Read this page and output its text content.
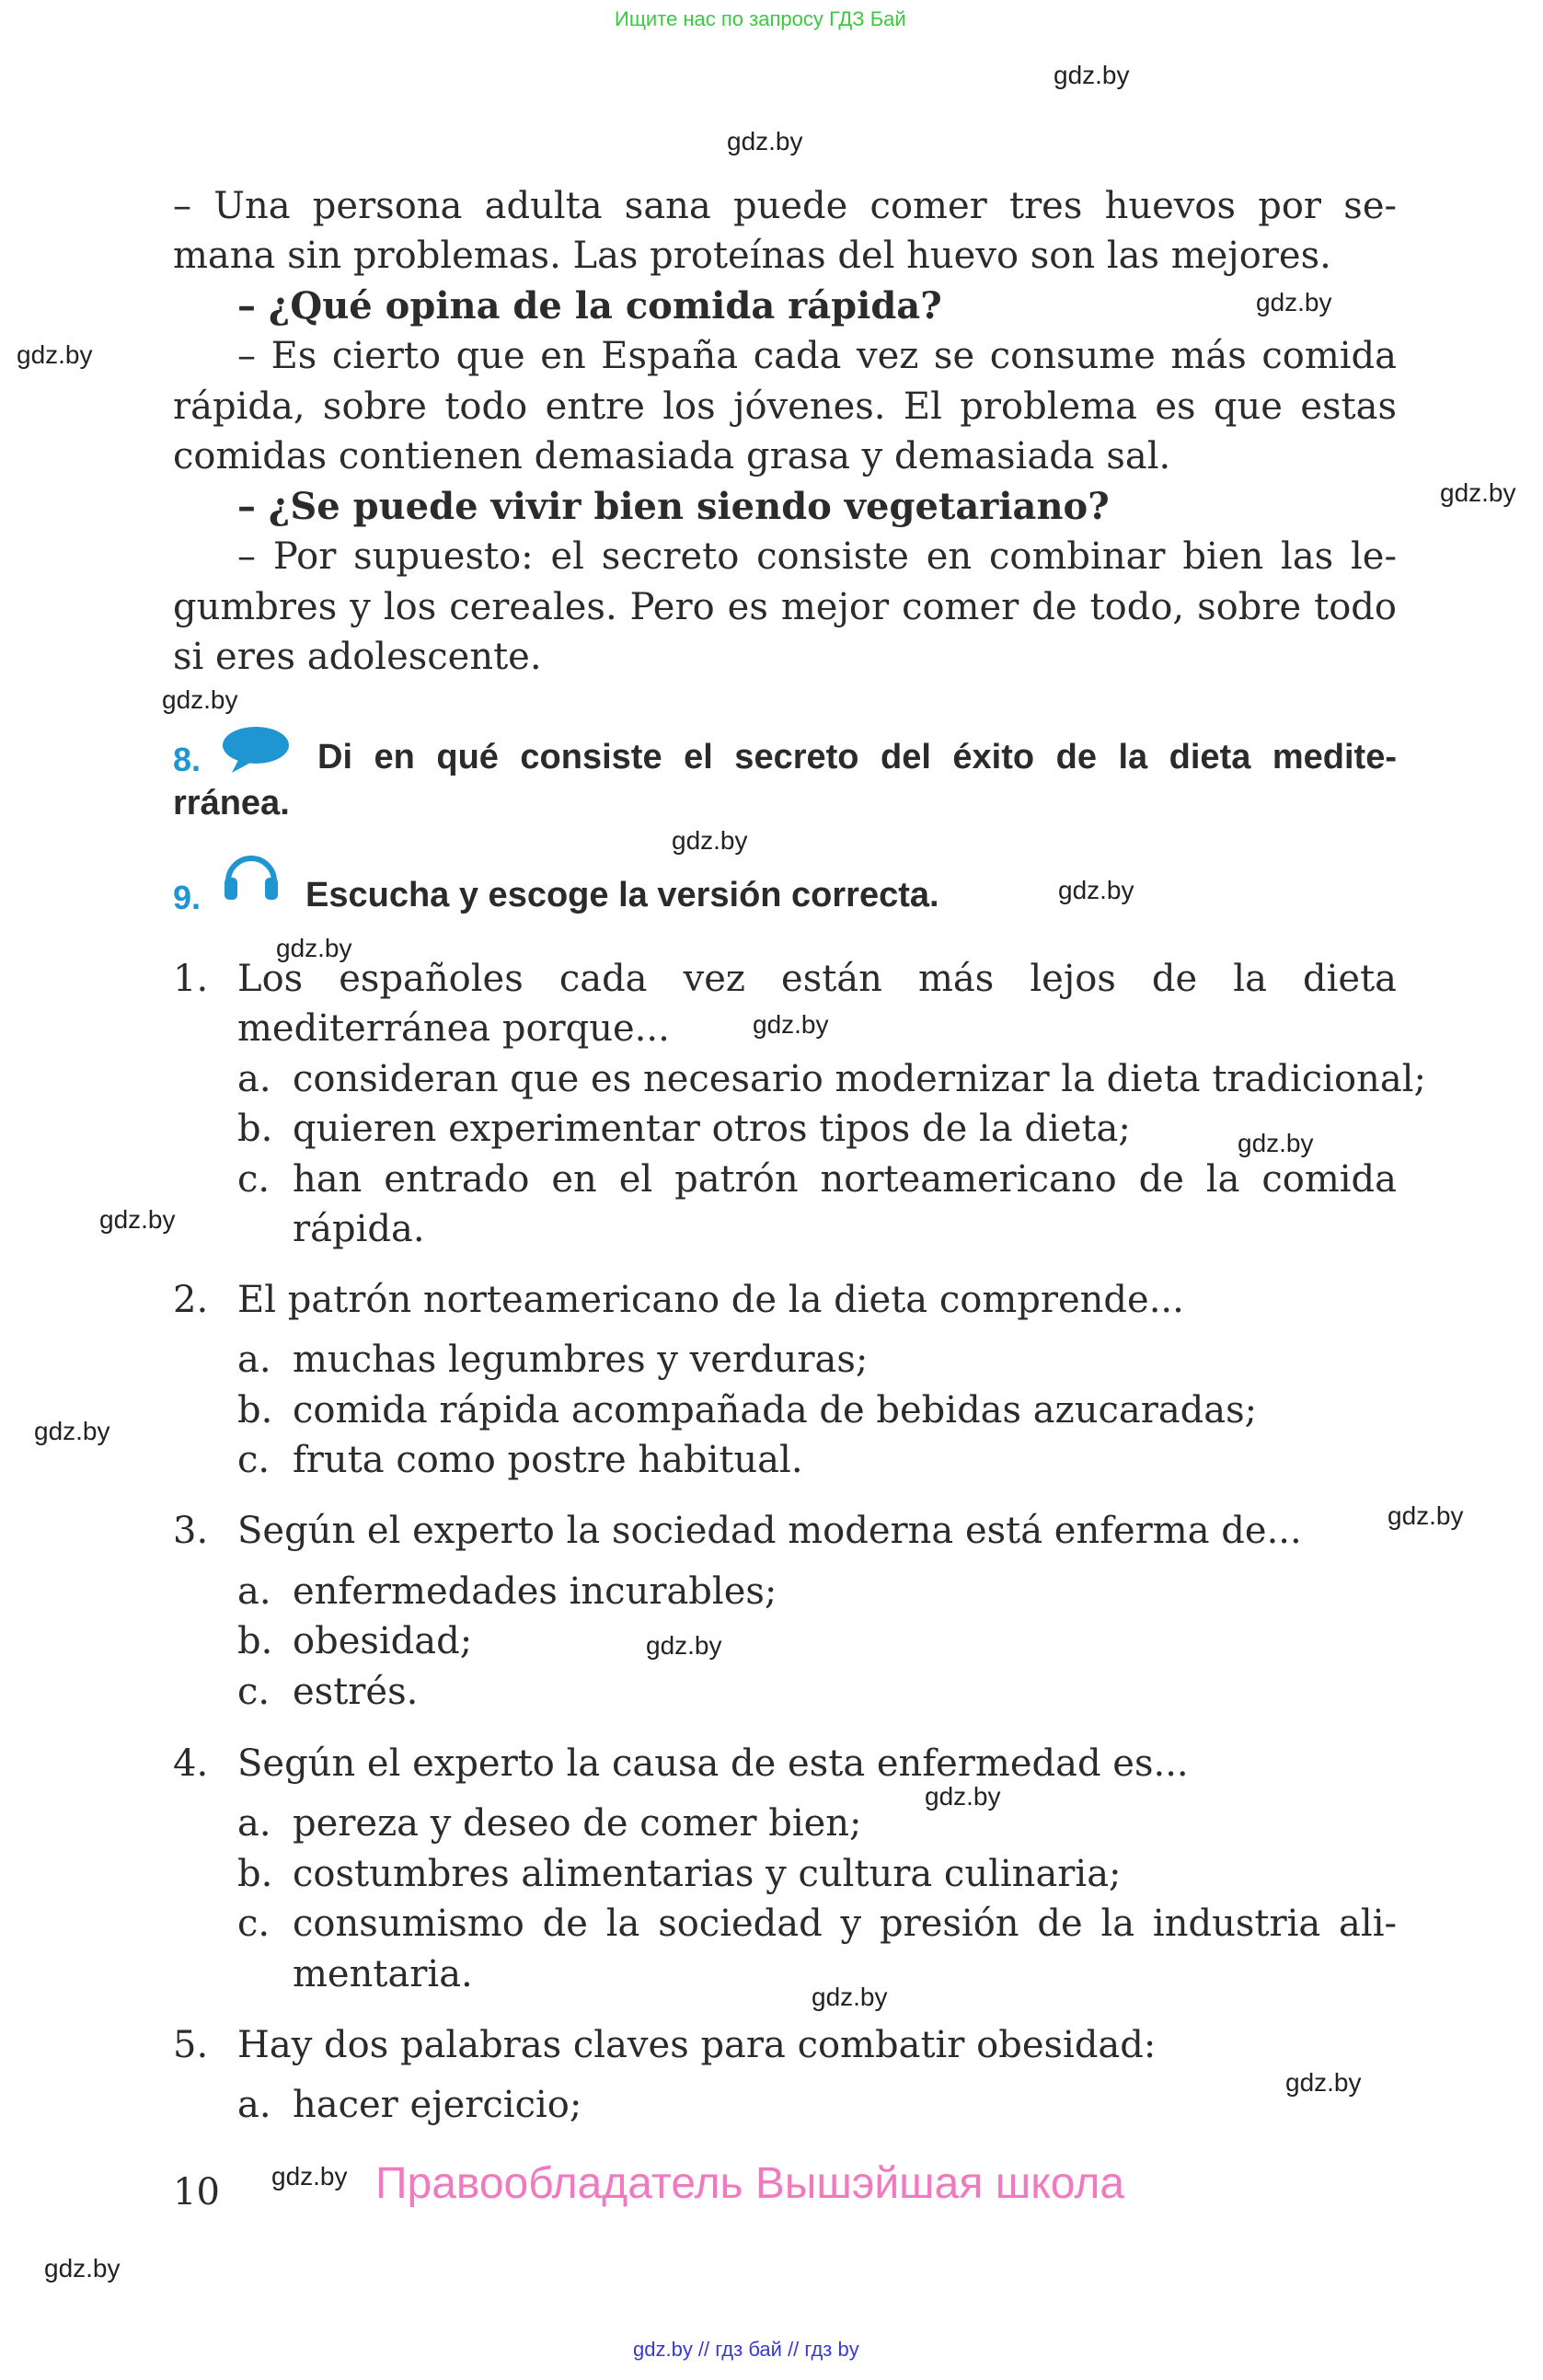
Ищите нас по запросу ГДЗ Бай
gdz.by
gdz.by
gdz.by
gdz.by
gdz.by
gdz.by
gdz.by
gdz.by
gdz.by
gdz.by
gdz.by
gdz.by
gdz.by
gdz.by
gdz.by
gdz.by
gdz.by
gdz.by
gdz.by
gdz.by
– Una persona adulta sana puede comer tres huevos por se-
mana sin problemas. Las proteínas del huevo son las mejores.
– ¿Qué opina de la comida rápida?
– Es cierto que en España cada vez se consume más comida
rápida, sobre todo entre los jóvenes. El problema es que estas
comidas contienen demasiada grasa y demasiada sal.
– ¿Se puede vivir bien siendo vegetariano?
– Por supuesto: el secreto consiste en combinar bien las le-
gumbres y los cereales. Pero es mejor comer de todo, sobre todo
si eres adolescente.
8.	Di en qué consiste el secreto del éxito de la dieta medite-
rránea.
9.	Escucha y escoge la versión correcta.
1. Los españoles cada vez están más lejos de la dieta
mediterránea porque...
a. consideran que es necesario modernizar la dieta tradicional;
b. quieren experimentar otros tipos de la dieta;
c. han entrado en el patrón norteamericano de la comida
rápida.
2. El patrón norteamericano de la dieta comprende...
a. muchas legumbres y verduras;
b. comida rápida acompañada de bebidas azucaradas;
c. fruta como postre habitual.
3. Según el experto la sociedad moderna está enferma de...
a. enfermedades incurables;
b. obesidad;
c. estrés.
4. Según el experto la causa de esta enfermedad es...
a. pereza y deseo de comer bien;
b. costumbres alimentarias y cultura culinaria;
c. consumismo de la sociedad y presión de la industria ali-
mentaria.
5. Hay dos palabras claves para combatir obesidad:
a. hacer ejercicio;
10	Правообладатель Вышэйшая школа
gdz.by // гдз бай // гдз by
